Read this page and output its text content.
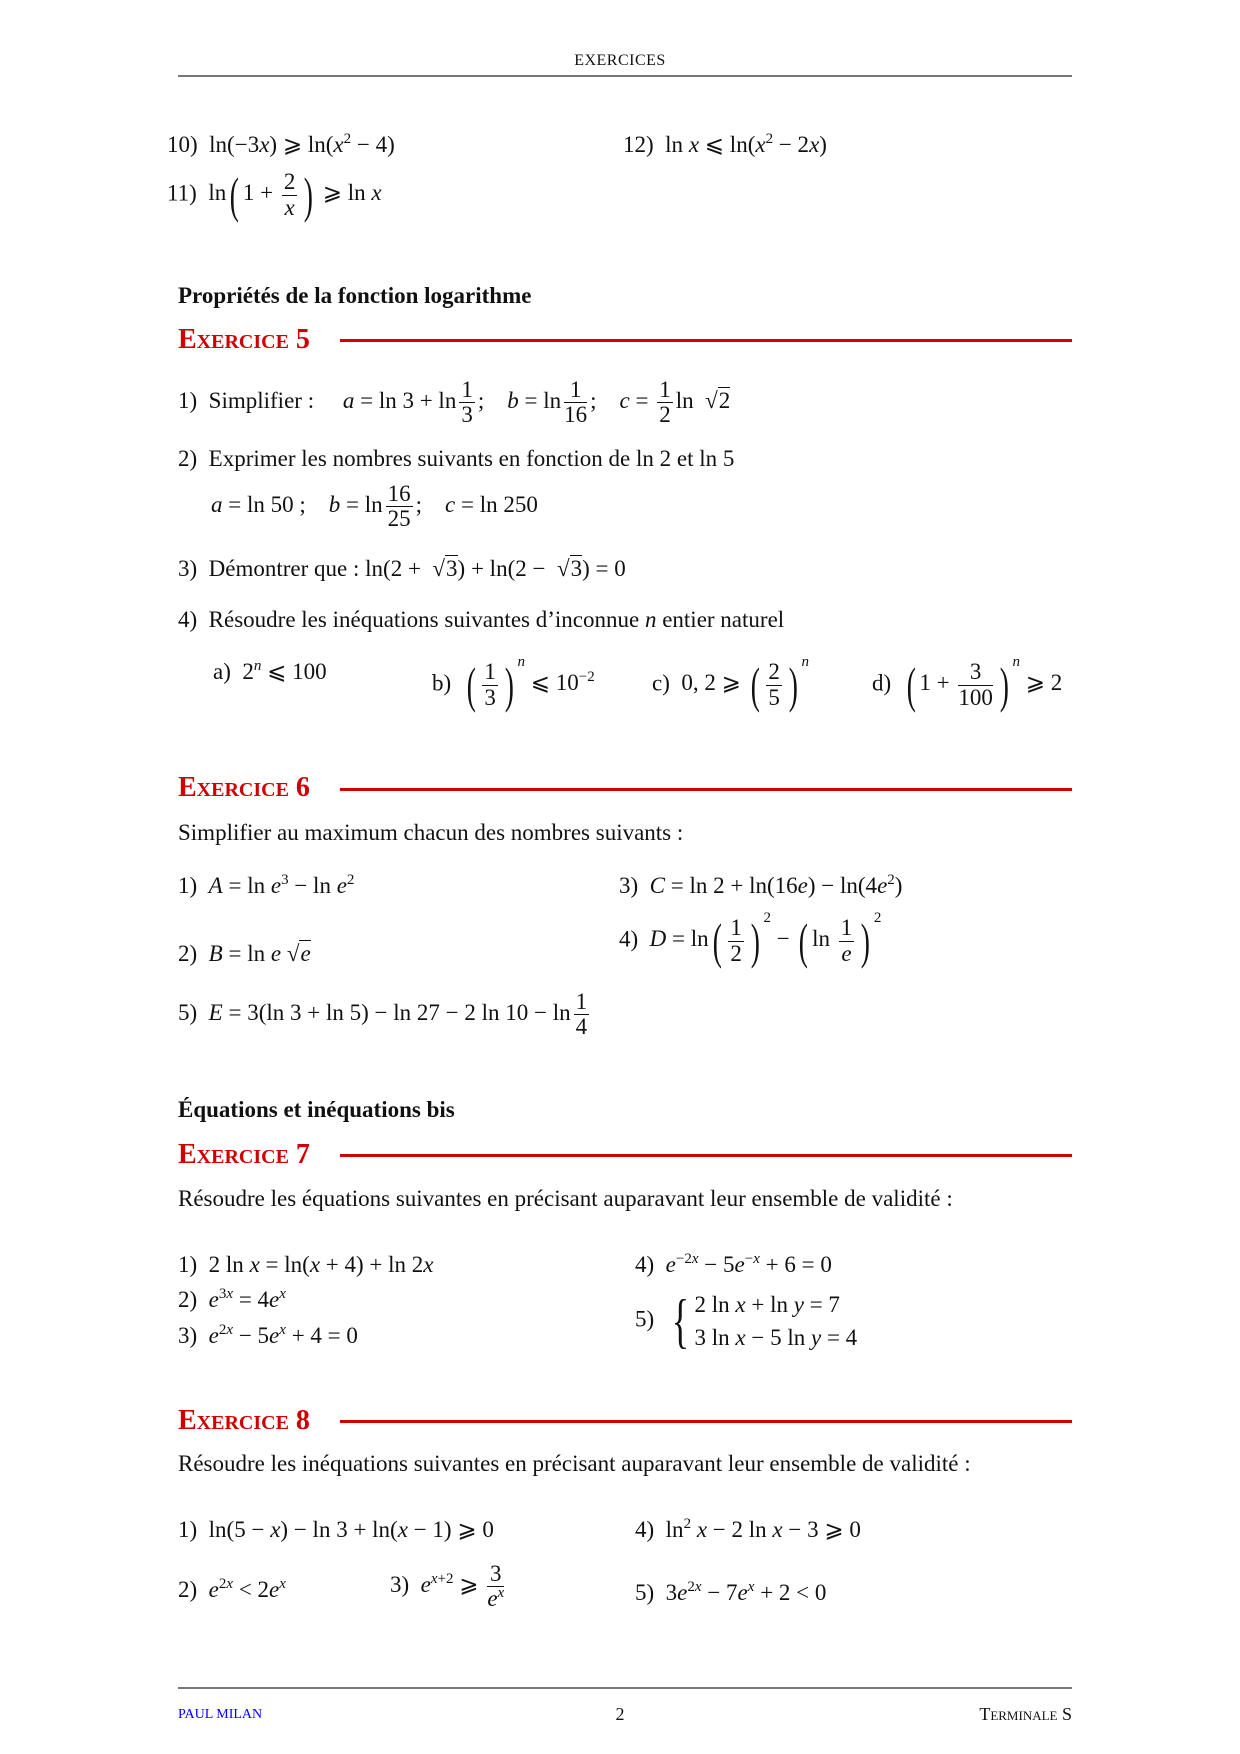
EXERCICES
10) ln(−3x) ⩾ $\ln(x^2 - 4)$
11) ln( $1 + \frac{2}{x}$ ) ⩾ ln x
12) ln x ⩽ $\ln(x^2 - 2x)$
Propriétés de la fonction logarithme
Exercice 5
1) Simplifier : $a = \ln 3 + \ln \frac{1}{3}$ ;    $b = \ln \frac{1}{16}$ ;    $c = \frac{1}{2}$ ln  √2
2) Exprimer les nombres suivants en fonction de ln 2 et ln 5
a = ln 50 ;    $b = \ln \frac{16}{25}$ ;    c = ln 250
3) Démontrer que : ln(2 +  √3) + ln(2 −  √3) = 0
4) Résoudre les inéquations suivantes d’inconnue n entier naturel
a) 2$^n$ ⩽ 100	b) ( $\frac{1}{3}$ ) $^n$ ⩽ $10^{-2}$ c) 0, 2 ⩾ ( $\frac{2}{5}$ ) $^n$
d) ( $1 + \frac{3}{100}$ ) $^n$ ⩾ 2
Exercice 6
Simplifier au maximum chacun des nombres suivants :
1) $A = \ln e^3 - \ln e^2$
2) B = ln e √e
3) $C = \ln 2 + \ln(16e) - \ln(4e^2)$
4) $D = \ln( \frac{1}{2}$ ) $^2$ − ( $\ln \frac{1}{e}$ ) $^2$
5) E = 3(ln 3 + ln 5) − ln 27 − 2 $\ln 10 - \ln \frac{1}{4}$
Équations et inéquations bis
Exercice 7
Résoudre les équations suivantes en précisant auparavant leur ensemble de validité :
1) 2 ln x = ln(x + 4) + ln 2x
2) $e^{3x} = 4e^x$
3) $e^{2x} - 5e^x + 4 = 0$
4) $e^{-2x} - 5e^{-x} + 6 = 0$
5) { 2 ln x + ln y = 7
3 ln x − 5 ln y = 4
Exercice 8
Résoudre les inéquations suivantes en précisant auparavant leur ensemble de validité :
1) ln(5 − x) − ln 3 + ln(x − 1) ⩾ 0
2) $e^{2x} < 2e^x$	3) $e^{x+2}$ ⩾ $\frac{3}{e^x}$
4) $\ln^2 x - 2$ ln x − 3 ⩾ 0
5) $3e^{2x} - 7e^x + 2 < 0$
PAUL MILAN	2	Terminale S
